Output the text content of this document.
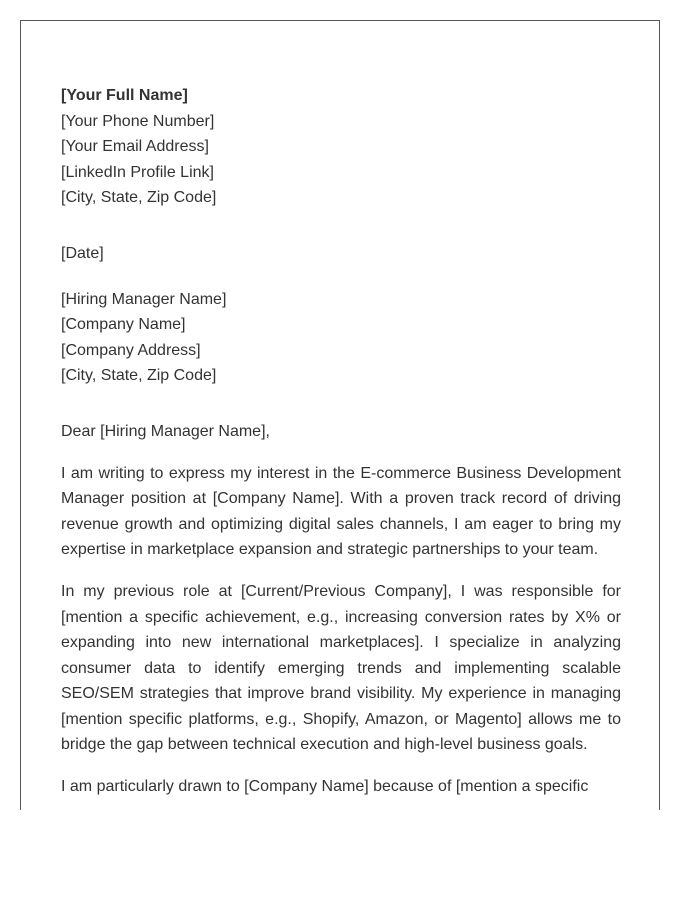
[Your Full Name]
[Your Phone Number]
[Your Email Address]
[LinkedIn Profile Link]
[City, State, Zip Code]
[Date]
[Hiring Manager Name]
[Company Name]
[Company Address]
[City, State, Zip Code]
Dear [Hiring Manager Name],

I am writing to express my interest in the E-commerce Business Development Manager position at [Company Name]. With a proven track record of driving revenue growth and optimizing digital sales channels, I am eager to bring my expertise in marketplace expansion and strategic partnerships to your team.

In my previous role at [Current/Previous Company], I was responsible for [mention a specific achievement, e.g., increasing conversion rates by X% or expanding into new international marketplaces]. I specialize in analyzing consumer data to identify emerging trends and implementing scalable SEO/SEM strategies that improve brand visibility. My experience in managing [mention specific platforms, e.g., Shopify, Amazon, or Magento] allows me to bridge the gap between technical execution and high-level business goals.

I am particularly drawn to [Company Name] because of [mention a specific
